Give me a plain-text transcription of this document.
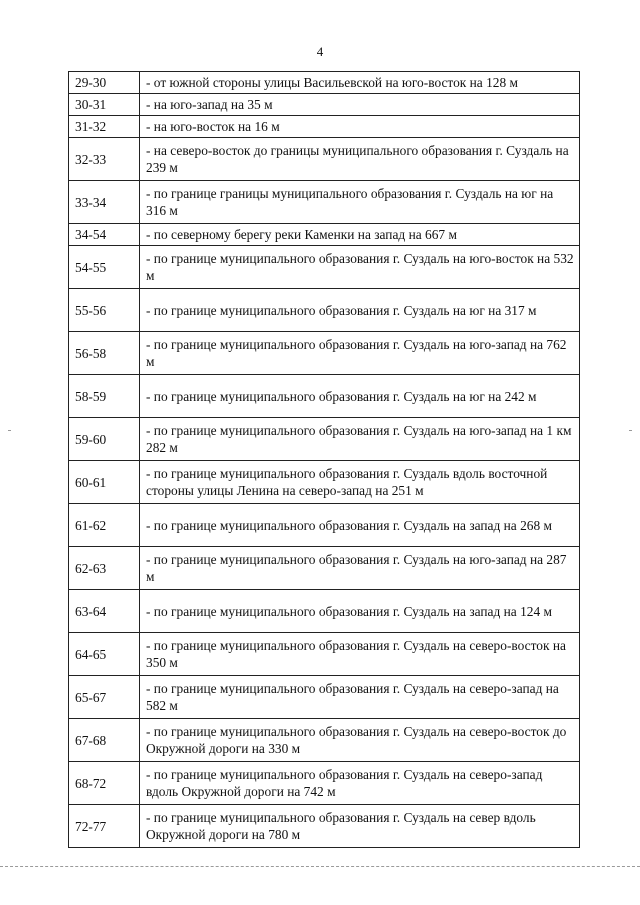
4
29-30	- от южной стороны улицы Васильевской на юго-восток на 128 м
30-31	- на юго-запад на 35 м
31-32	- на юго-восток на 16 м
32-33	- на северо-восток до границы муниципального образования г. Суздаль на 239 м
33-34	- по границе границы муниципального образования г. Суздаль на юг на 316 м
34-54	- по северному берегу реки Каменки на запад на 667 м
54-55	- по границе муниципального образования г. Суздаль на юго-восток на 532 м
55-56	- по границе муниципального образования г. Суздаль на юг на 317 м
56-58	- по границе муниципального образования г. Суздаль на юго-запад на 762 м
58-59	- по границе муниципального образования г. Суздаль на юг на 242 м
59-60	- по границе муниципального образования г. Суздаль на юго-запад на 1 км 282 м
60-61	- по границе муниципального образования г. Суздаль вдоль восточной стороны улицы Ленина на северо-запад на 251 м
61-62	- по границе муниципального образования г. Суздаль на запад на 268 м
62-63	- по границе муниципального образования г. Суздаль на юго-запад на 287 м
63-64	- по границе муниципального образования г. Суздаль на запад на 124 м
64-65	- по границе муниципального образования г. Суздаль на северо-восток на 350 м
65-67	- по границе муниципального образования г. Суздаль на северо-запад на 582 м
67-68	- по границе муниципального образования г. Суздаль на северо-восток до Окружной дороги на 330 м
68-72	- по границе муниципального образования г. Суздаль на северо-запад вдоль Окружной дороги на 742 м
72-77	- по границе муниципального образования г. Суздаль на север вдоль Окружной дороги на 780 м
